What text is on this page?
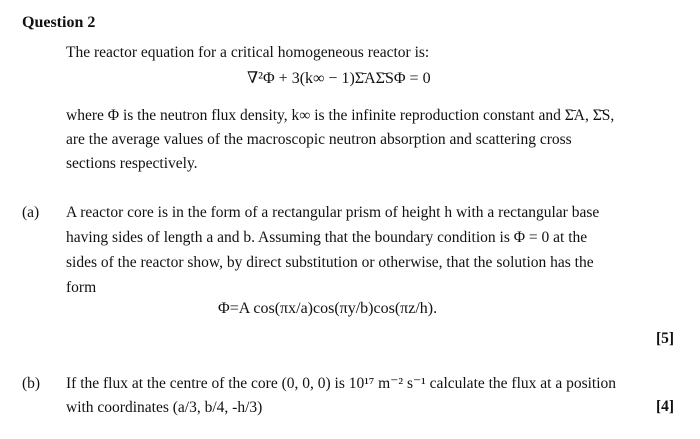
Question 2
The reactor equation for a critical homogeneous reactor is:
∇²Φ + 3(k∞ − 1)Σ̄AΣ̄SΦ = 0
where Φ is the neutron flux density, k∞ is the infinite reproduction constant and Σ̄A, Σ̄S,
are the average values of the macroscopic neutron absorption and scattering cross
sections respectively.
(a) A reactor core is in the form of a rectangular prism of height h with a rectangular base
having sides of length a and b. Assuming that the boundary condition is Φ = 0 at the
sides of the reactor show, by direct substitution or otherwise, that the solution has the
form
Φ=A cos(πx/a)cos(πy/b)cos(πz/h).
[5]
(b) If the flux at the centre of the core (0, 0, 0) is 10¹⁷ m⁻² s⁻¹ calculate the flux at a position
with coordinates (a/3, b/4, -h/3)	[4]
